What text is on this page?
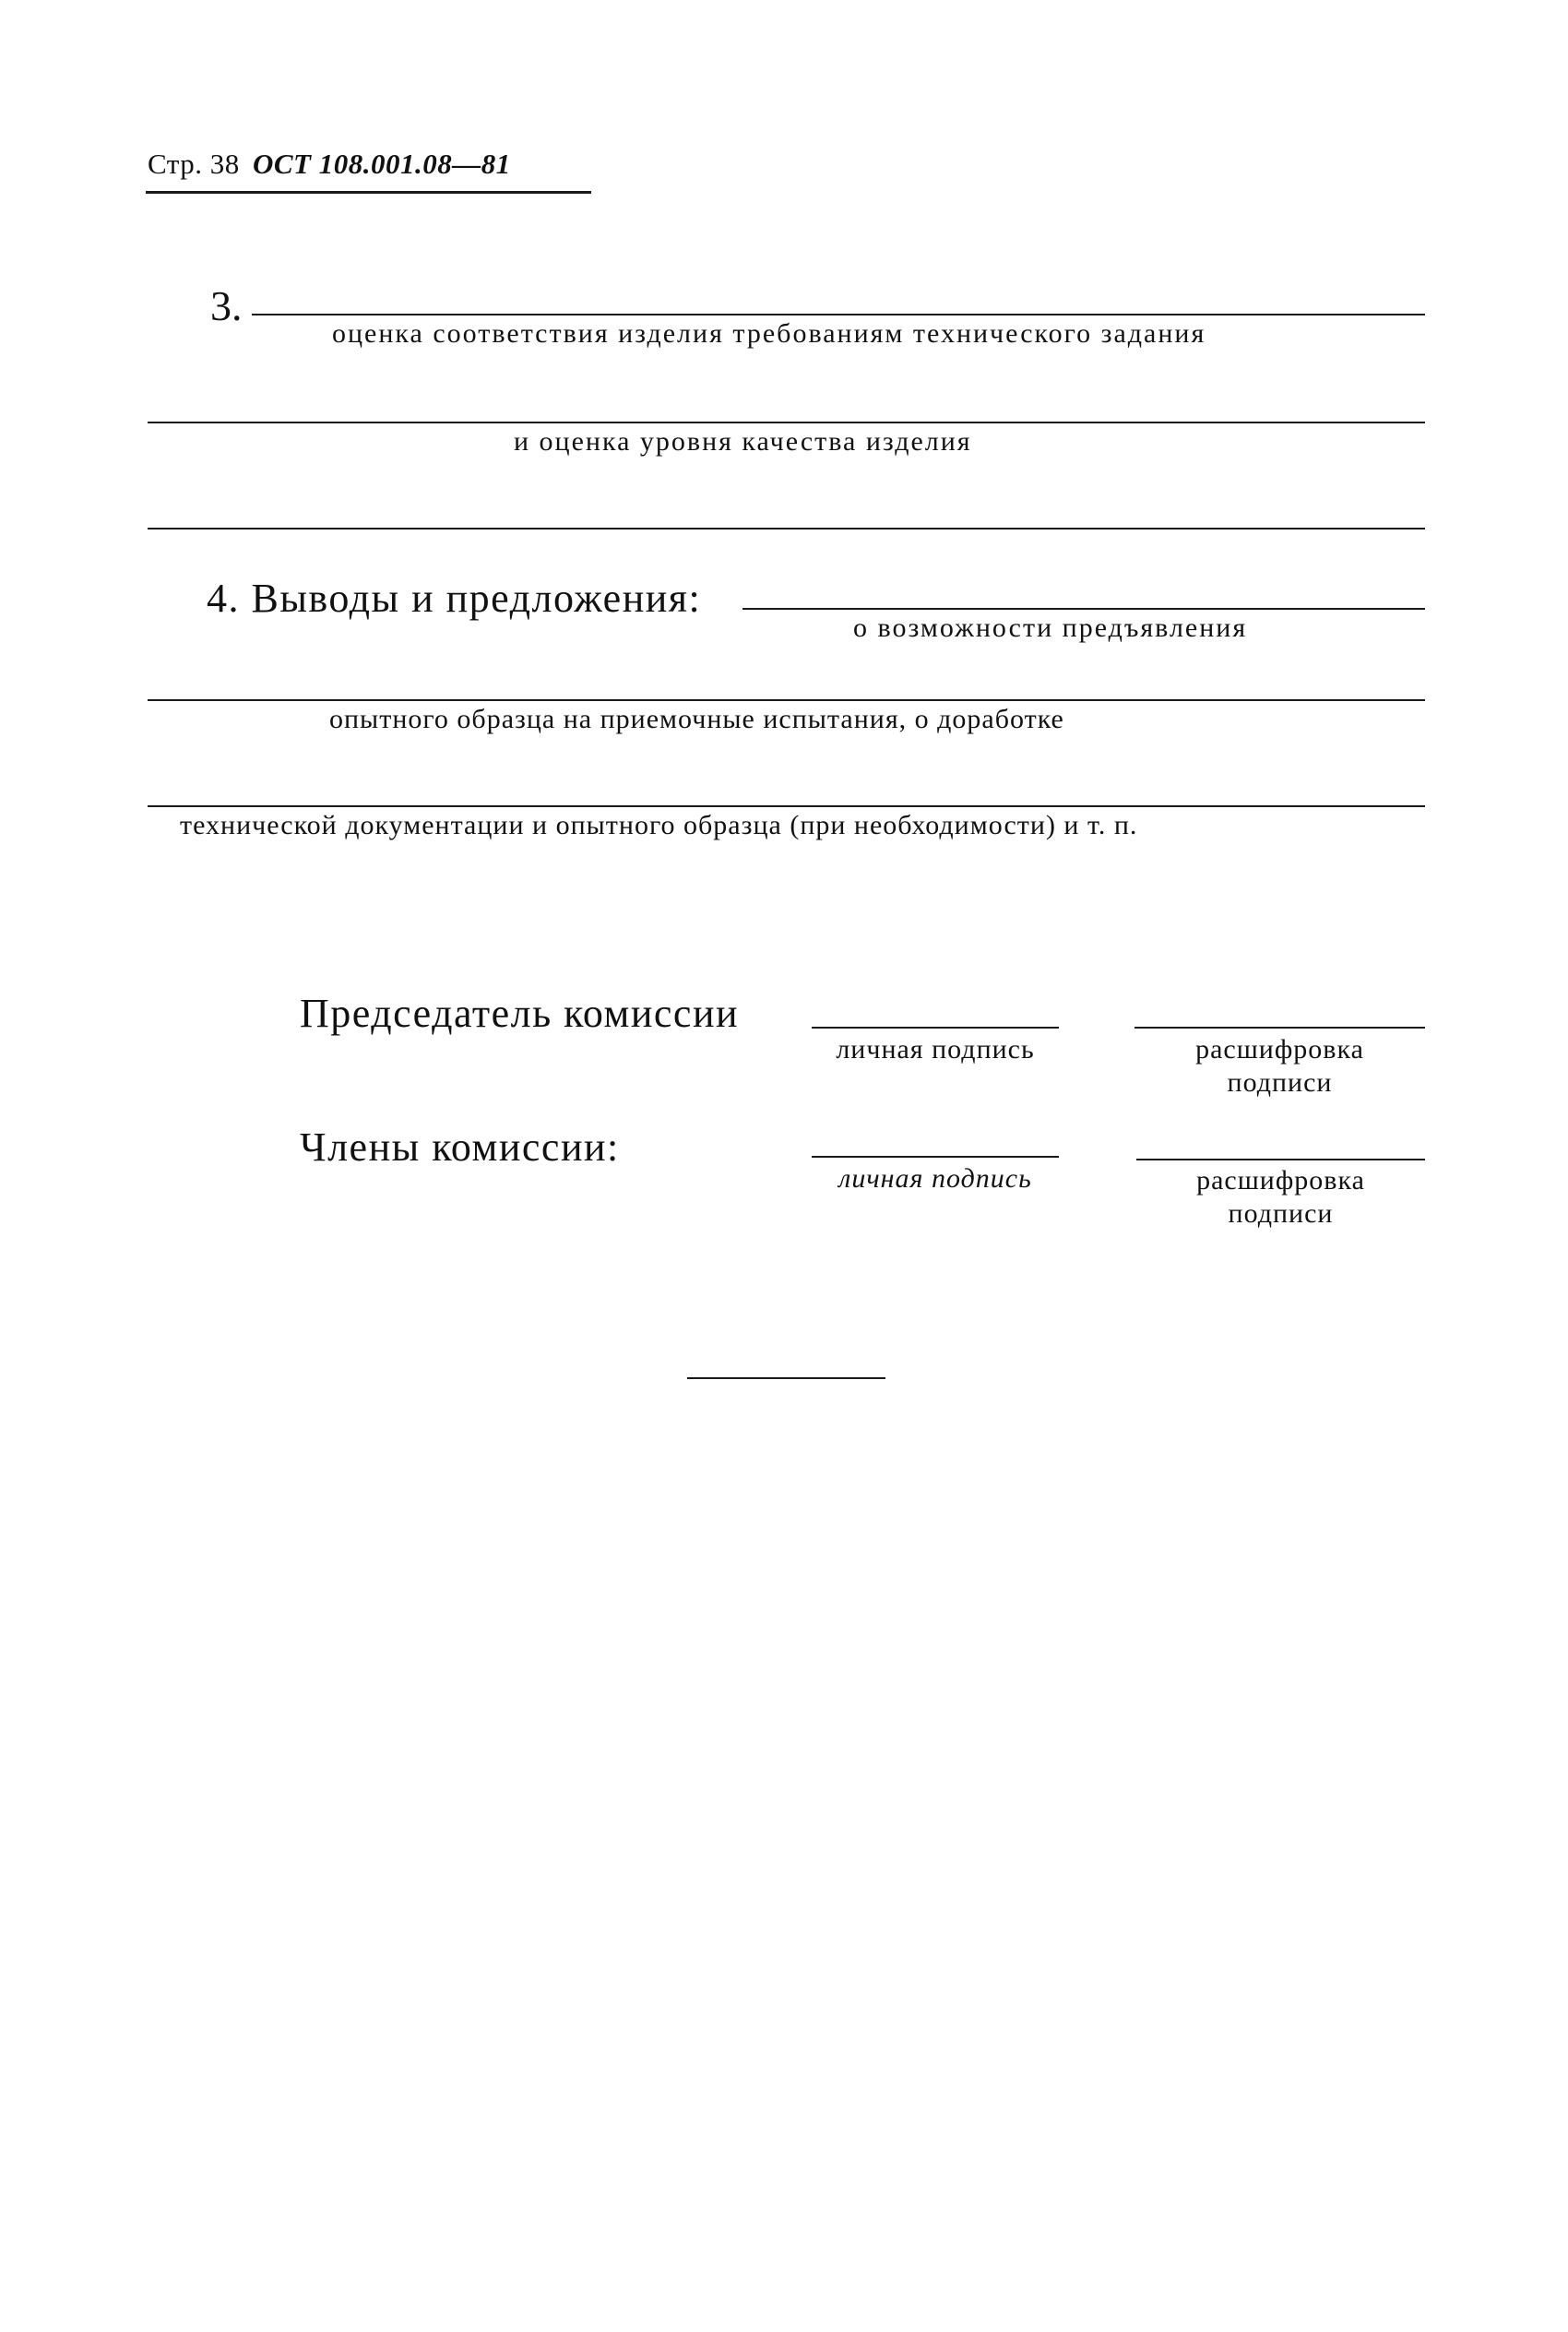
Стр. 38 ОСТ 108.001.08—81
3.
оценка соответствия изделия требованиям технического задания
и оценка уровня качества изделия
4. Выводы и предложения:
о возможности предъявления
опытного образца на приемочные испытания, о доработке
технической документации и опытного образца (при необходимости) и т. п.
Председатель комиссии
личная подпись	расшифровка
подписи
Члены комиссии:
личная подпись	расшифровка
подписи
